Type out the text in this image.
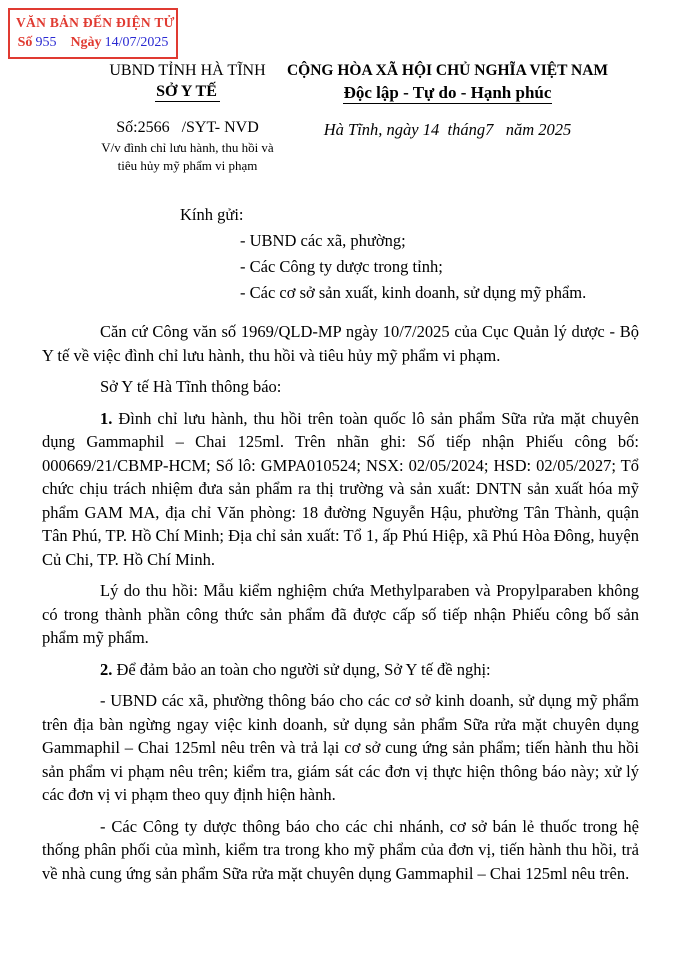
VĂN BẢN ĐẾN ĐIỆN TỬ
Số 955 Ngày 14/07/2025
UBND TỈNH HÀ TĨNH
SỞ Y TẾ
Số:2566   /SYT- NVD
V/v đình chỉ lưu hành, thu hồi và
tiêu hủy mỹ phẩm vi phạm
CỘNG HÒA XÃ HỘI CHỦ NGHĨA VIỆT NAM
Độc lập - Tự do - Hạnh phúc
Hà Tĩnh, ngày 14  tháng7   năm 2025
Kính gửi:
- UBND các xã, phường;
- Các Công ty dược trong tỉnh;
- Các cơ sở sản xuất, kinh doanh, sử dụng mỹ phẩm.

Căn cứ Công văn số 1969/QLD-MP ngày 10/7/2025 của Cục Quản lý dược - Bộ Y tế về việc đình chỉ lưu hành, thu hồi và tiêu hủy mỹ phẩm vi phạm.

Sở Y tế Hà Tĩnh thông báo:

1. Đình chỉ lưu hành, thu hồi trên toàn quốc lô sản phẩm Sữa rửa mặt chuyên dụng Gammaphil – Chai 125ml. Trên nhãn ghi: Số tiếp nhận Phiếu công bố: 000669/21/CBMP-HCM; Số lô: GMPA010524; NSX: 02/05/2024; HSD: 02/05/2027; Tổ chức chịu trách nhiệm đưa sản phẩm ra thị trường và sản xuất: DNTN sản xuất hóa mỹ phẩm GAM MA, địa chỉ Văn phòng: 18 đường Nguyễn Hậu, phường Tân Thành, quận Tân Phú, TP. Hồ Chí Minh; Địa chỉ sản xuất: Tổ 1, ấp Phú Hiệp, xã Phú Hòa Đông, huyện Củ Chi, TP. Hồ Chí Minh.

Lý do thu hồi: Mẫu kiểm nghiệm chứa Methylparaben và Propylparaben không có trong thành phần công thức sản phẩm đã được cấp số tiếp nhận Phiếu công bố sản phẩm mỹ phẩm.

2. Để đảm bảo an toàn cho người sử dụng, Sở Y tế đề nghị:

- UBND các xã, phường thông báo cho các cơ sở kinh doanh, sử dụng mỹ phẩm trên địa bàn ngừng ngay việc kinh doanh, sử dụng sản phẩm Sữa rửa mặt chuyên dụng Gammaphil – Chai 125ml nêu trên và trả lại cơ sở cung ứng sản phẩm; tiến hành thu hồi sản phẩm vi phạm nêu trên; kiểm tra, giám sát các đơn vị thực hiện thông báo này; xử lý các đơn vị vi phạm theo quy định hiện hành.

- Các Công ty dược thông báo cho các chi nhánh, cơ sở bán lẻ thuốc trong hệ thống phân phối của mình, kiểm tra trong kho mỹ phẩm của đơn vị, tiến hành thu hồi, trả về nhà cung ứng sản phẩm Sữa rửa mặt chuyên dụng Gammaphil – Chai 125ml nêu trên.
